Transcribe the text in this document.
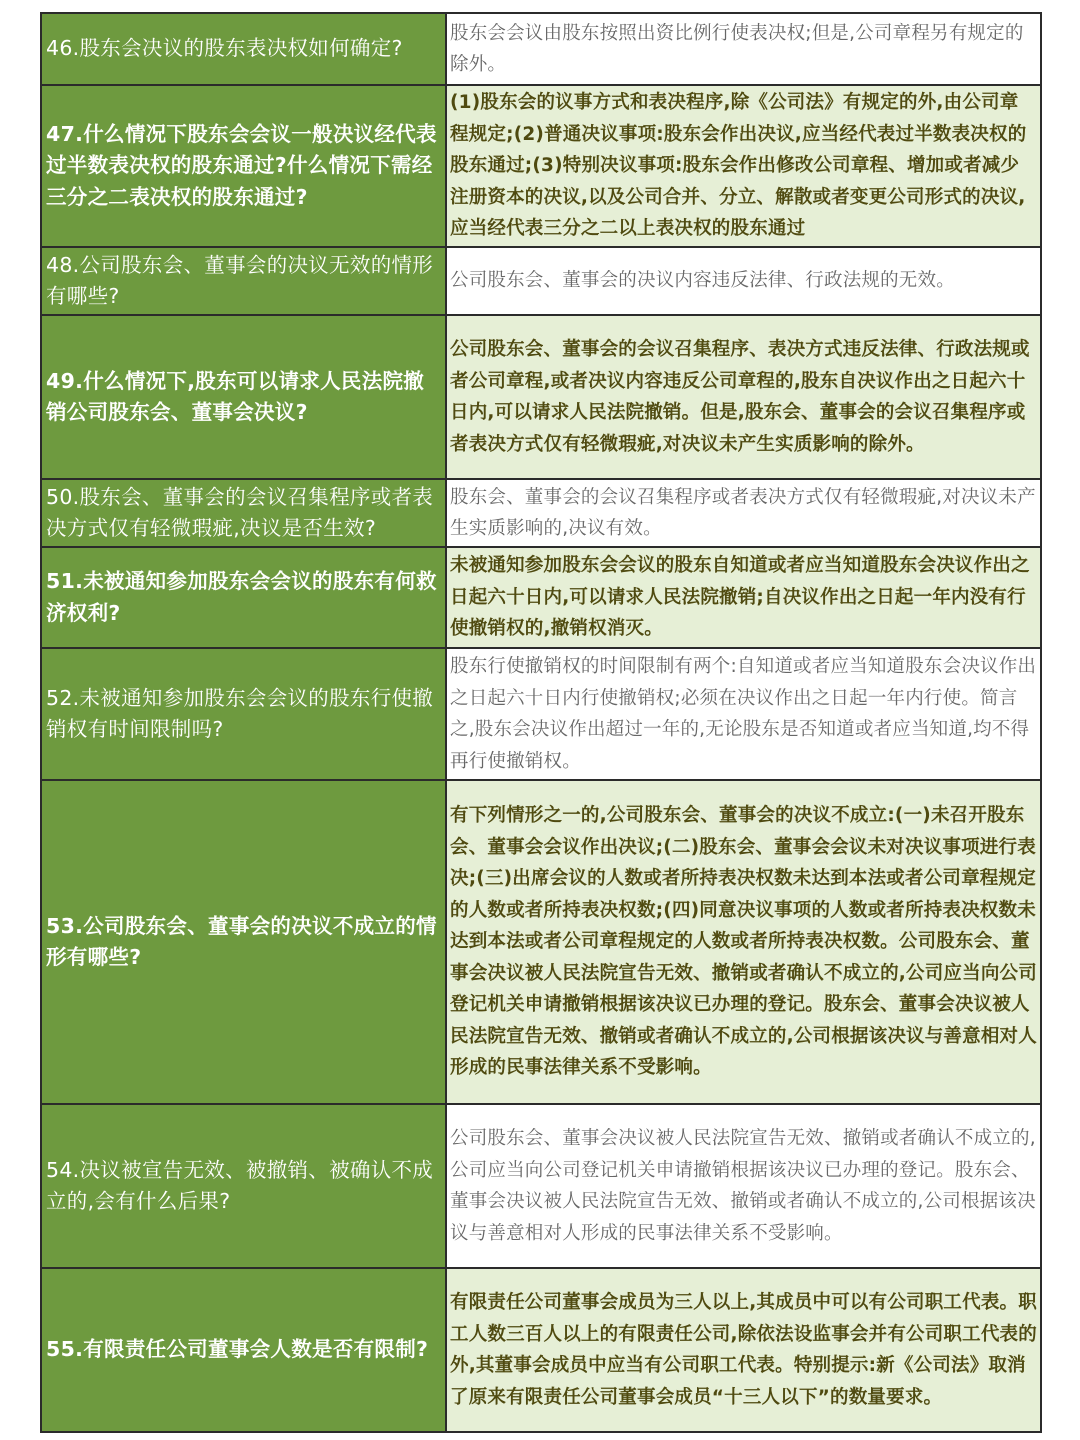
46.股东会决议的股东表决权如何确定?
股东会会议由股东按照出资比例行使表决权;但是,公司章程另有规定的除外。
47.什么情况下股东会会议一般决议经代表过半数表决权的股东通过?什么情况下需经三分之二表决权的股东通过?
(1)股东会的议事方式和表决程序,除《公司法》有规定的外,由公司章程规定;(2)普通决议事项:股东会作出决议,应当经代表过半数表决权的股东通过;(3)特别决议事项:股东会作出修改公司章程、增加或者减少注册资本的决议,以及公司合并、分立、解散或者变更公司形式的决议,应当经代表三分之二以上表决权的股东通过
48.公司股东会、董事会的决议无效的情形有哪些?
公司股东会、董事会的决议内容违反法律、行政法规的无效。
49.什么情况下,股东可以请求人民法院撤销公司股东会、董事会决议?
公司股东会、董事会的会议召集程序、表决方式违反法律、行政法规或者公司章程,或者决议内容违反公司章程的,股东自决议作出之日起六十日内,可以请求人民法院撤销。但是,股东会、董事会的会议召集程序或者表决方式仅有轻微瑕疵,对决议未产生实质影响的除外。
50.股东会、董事会的会议召集程序或者表决方式仅有轻微瑕疵,决议是否生效?
股东会、董事会的会议召集程序或者表决方式仅有轻微瑕疵,对决议未产生实质影响的,决议有效。
51.未被通知参加股东会会议的股东有何救济权利?
未被通知参加股东会会议的股东自知道或者应当知道股东会决议作出之日起六十日内,可以请求人民法院撤销;自决议作出之日起一年内没有行使撤销权的,撤销权消灭。
52.未被通知参加股东会会议的股东行使撤销权有时间限制吗?
股东行使撤销权的时间限制有两个:自知道或者应当知道股东会决议作出之日起六十日内行使撤销权;必须在决议作出之日起一年内行使。简言之,股东会决议作出超过一年的,无论股东是否知道或者应当知道,均不得再行使撤销权。
53.公司股东会、董事会的决议不成立的情形有哪些?
有下列情形之一的,公司股东会、董事会的决议不成立:(一)未召开股东会、董事会会议作出决议;(二)股东会、董事会会议未对决议事项进行表决;(三)出席会议的人数或者所持表决权数未达到本法或者公司章程规定的人数或者所持表决权数;(四)同意决议事项的人数或者所持表决权数未达到本法或者公司章程规定的人数或者所持表决权数。公司股东会、董事会决议被人民法院宣告无效、撤销或者确认不成立的,公司应当向公司登记机关申请撤销根据该决议已办理的登记。股东会、董事会决议被人民法院宣告无效、撤销或者确认不成立的,公司根据该决议与善意相对人形成的民事法律关系不受影响。
54.决议被宣告无效、被撤销、被确认不成立的,会有什么后果?
公司股东会、董事会决议被人民法院宣告无效、撤销或者确认不成立的,公司应当向公司登记机关申请撤销根据该决议已办理的登记。股东会、董事会决议被人民法院宣告无效、撤销或者确认不成立的,公司根据该决议与善意相对人形成的民事法律关系不受影响。
55.有限责任公司董事会人数是否有限制?
有限责任公司董事会成员为三人以上,其成员中可以有公司职工代表。职工人数三百人以上的有限责任公司,除依法设监事会并有公司职工代表的外,其董事会成员中应当有公司职工代表。特别提示:新《公司法》取消了原来有限责任公司董事会成员“十三人以下”的数量要求。
